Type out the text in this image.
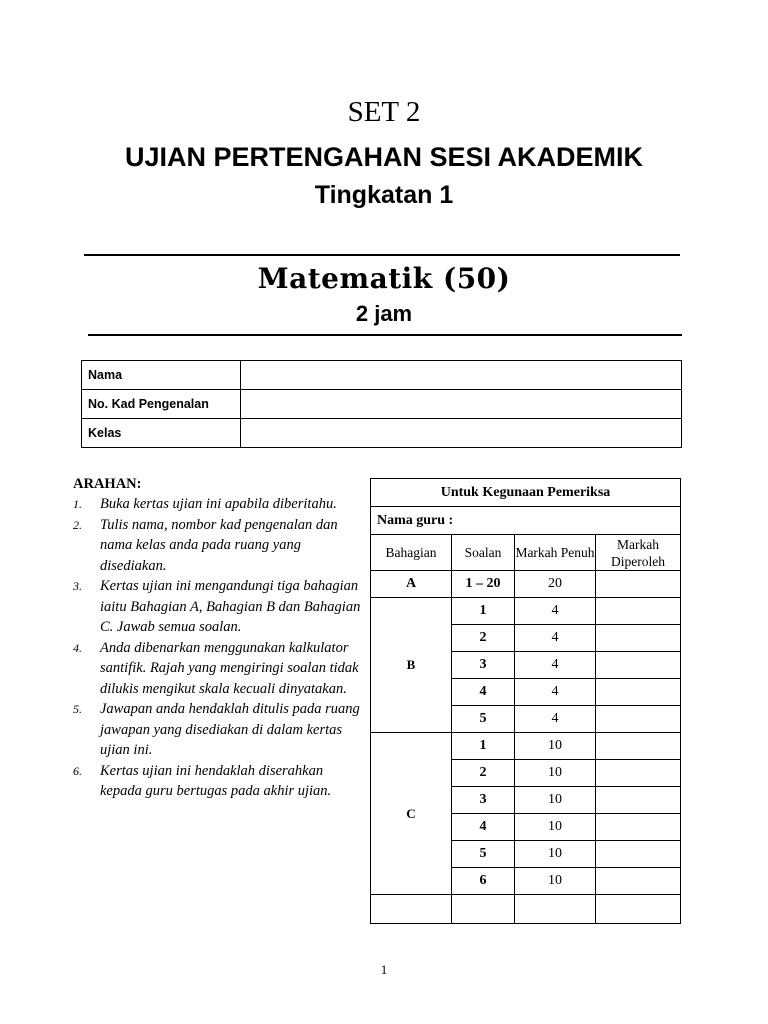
SET 2
UJIAN PERTENGAHAN SESI AKADEMIK
Tingkatan 1
Matematik (50)
2 jam
Nama	
No. Kad Pengenalan	
Kelas	
ARAHAN:
1. Buka kertas ujian ini apabila diberitahu.
2. Tulis nama, nombor kad pengenalan dan nama kelas anda pada ruang yang disediakan.
3. Kertas ujian ini mengandungi tiga bahagian iaitu Bahagian A, Bahagian B dan Bahagian C. Jawab semua soalan.
4. Anda dibenarkan menggunakan kalkulator santifik. Rajah yang mengiringi soalan tidak dilukis mengikut skala kecuali dinyatakan.
5. Jawapan anda hendaklah ditulis pada ruang jawapan yang disediakan di dalam kertas ujian ini.
6. Kertas ujian ini hendaklah diserahkan kepada guru bertugas pada akhir ujian.
Untuk Kegunaan Pemeriksa			
Nama guru :			
Bahagian	Soalan	Markah Penuh	Markah Diperoleh
A	1 – 20	20	
B	1	4	
	2	4	
	3	4	
	4	4	
	5	4	
C	1	10	
	2	10	
	3	10	
	4	10	
	5	10	
	6	10	

1
